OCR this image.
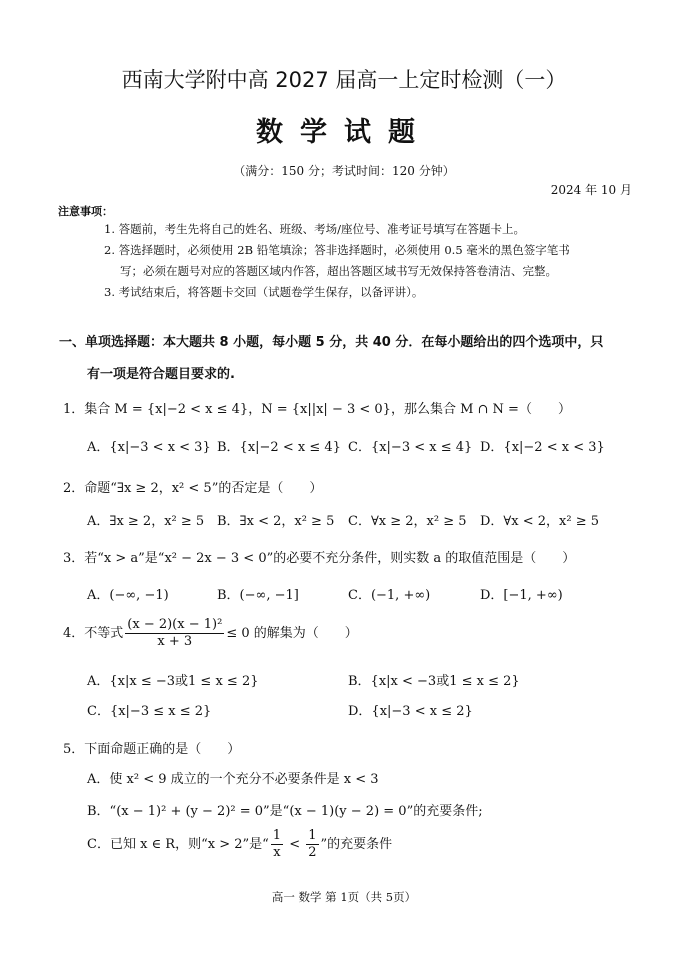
西南大学附中高 2027 届高一上定时检测（一）
数学试题
（满分：150 分；考试时间：120 分钟）
2024 年 10 月
注意事项：
1. 答题前，考生先将自己的姓名、班级、考场/座位号、准考证号填写在答题卡上。
2. 答选择题时，必须使用 2B 铅笔填涂；答非选择题时，必须使用 0.5 毫米的黑色签字笔书
写；必须在题号对应的答题区域内作答，超出答题区域书写无效保持答卷清洁、完整。
3. 考试结束后，将答题卡交回（试题卷学生保存，以备评讲）。
一、单项选择题：本大题共 8 小题，每小题 5 分，共 40 分．在每小题给出的四个选项中，只
有一项是符合题目要求的.
1．集合 M = {x|−2 < x ≤ 4}，N = {x||x| − 3 < 0}，那么集合 M ∩ N =（　　）
A．{x|−3 < x < 3} B．{x|−2 < x ≤ 4} C．{x|−3 < x ≤ 4} D．{x|−2 < x < 3}
2．命题“∃x ≥ 2，x² < 5”的否定是（　　）
A．∃x ≥ 2，x² ≥ 5 B．∃x < 2，x² ≥ 5 C．∀x ≥ 2，x² ≥ 5 D．∀x < 2，x² ≥ 5
3．若“x > a”是“x² − 2x − 3 < 0”的必要不充分条件，则实数 a 的取值范围是（　　）
A．(−∞, −1)	B．(−∞, −1]	C．(−1, +∞)	D．[−1, +∞)
4．不等式 $\frac{\text{(x − 2)(x − 1)²}}{x + 3} \le 0$ 的解集为（　　）
A．{x|x ≤ −3或1 ≤ x ≤ 2}	B．{x|x < −3或1 ≤ x ≤ 2}
C．{x|−3 ≤ x ≤ 2}	D．{x|−3 < x ≤ 2}
5．下面命题正确的是（　　）
A．使 x² < 9 成立的一个充分不必要条件是 x < 3
B．“(x − 1)² + (y − 2)² = 0”是“(x − 1)(y − 2) = 0”的充要条件;
C．已知 x ∈ R，则“x > 2”是“ $\frac{1}{x} < \frac{1}{2}$ ”的充要条件
高一 数学 第 1页（共 5页）
